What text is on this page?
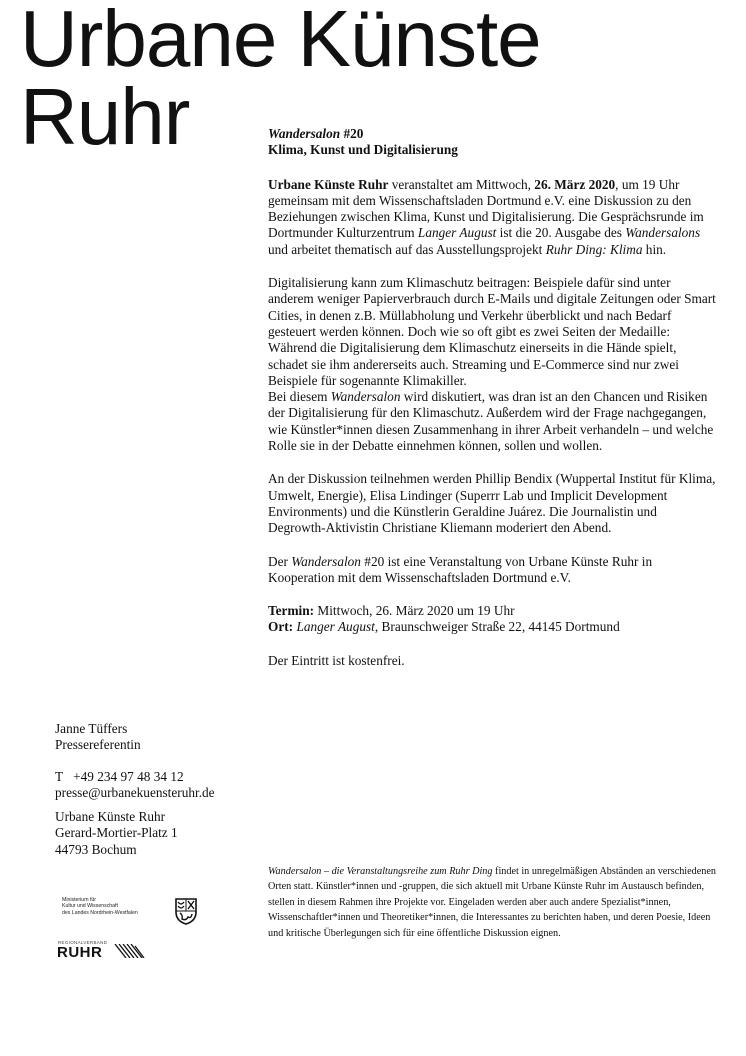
Urbane Künste
Ruhr	Wandersalon #20

Klima, Kunst und Digitalisierung

Urbane Künste Ruhr veranstaltet am Mittwoch, 26. März 2020, um 19 Uhr gemeinsam mit dem Wissenschaftsladen Dortmund e.V. eine Diskussion zu den Beziehungen zwischen Klima, Kunst und Digitalisierung. Die Gesprächsrunde im Dortmunder Kulturzentrum Langer August ist die 20. Ausgabe des Wandersalons und arbeitet thematisch auf das Ausstellungsprojekt Ruhr Ding: Klima hin.

Digitalisierung kann zum Klimaschutz beitragen: Beispiele dafür sind unter anderem weniger Papierverbrauch durch E-Mails und digitale Zeitungen oder Smart Cities, in denen z.B. Müllabholung und Verkehr überblickt und nach Bedarf gesteuert werden können. Doch wie so oft gibt es zwei Seiten der Medaille: Während die Digitalisierung dem Klimaschutz einerseits in die Hände spielt, schadet sie ihm andererseits auch. Streaming und E-Commerce sind nur zwei Beispiele für sogenannte Klimakiller.

Bei diesem Wandersalon wird diskutiert, was dran ist an den Chancen und Risiken der Digitalisierung für den Klimaschutz. Außerdem wird der Frage nachgegangen, wie Künstler*innen diesen Zusammenhang in ihrer Arbeit verhandeln – und welche Rolle sie in der Debatte einnehmen können, sollen und wollen.

An der Diskussion teilnehmen werden Phillip Bendix (Wuppertal Institut für Klima, Umwelt, Energie), Elisa Lindinger (Superrr Lab und Implicit Development Environments) und die Künstlerin Geraldine Juárez. Die Journalistin und Degrowth-Aktivistin Christiane Kliemann moderiert den Abend.

Der Wandersalon #20 ist eine Veranstaltung von Urbane Künste Ruhr in Kooperation mit dem Wissenschaftsladen Dortmund e.V.

Termin: Mittwoch, 26. März 2020 um 19 Uhr
Ort: Langer August, Braunschweiger Straße 22, 44145 Dortmund

Der Eintritt ist kostenfrei.

Janne Tüffers
Pressereferentin

T +49 234 97 48 34 12
presse@urbanekuensteruhr.de

Urbane Künste Ruhr
Gerard-Mortier-Platz 1
44793 Bochum

Ministerium für
Kultur und Wissenschaft
des Landes Nordrhein-Westfalen
REGIONALVERBAND
RUHR
Wandersalon – die Veranstaltungsreihe zum Ruhr Ding findet in unregelmäßigen Abständen an verschiedenen Orten statt. Künstler*innen und -gruppen, die sich aktuell mit Urbane Künste Ruhr im Austausch befinden, stellen in diesem Rahmen ihre Projekte vor. Eingeladen werden aber auch andere Spezialist*innen, Wissenschaftler*innen und Theoretiker*innen, die Interessantes zu berichten haben, und deren Poesie, Ideen und kritische Überlegungen sich für eine öffentliche Diskussion eignen.
